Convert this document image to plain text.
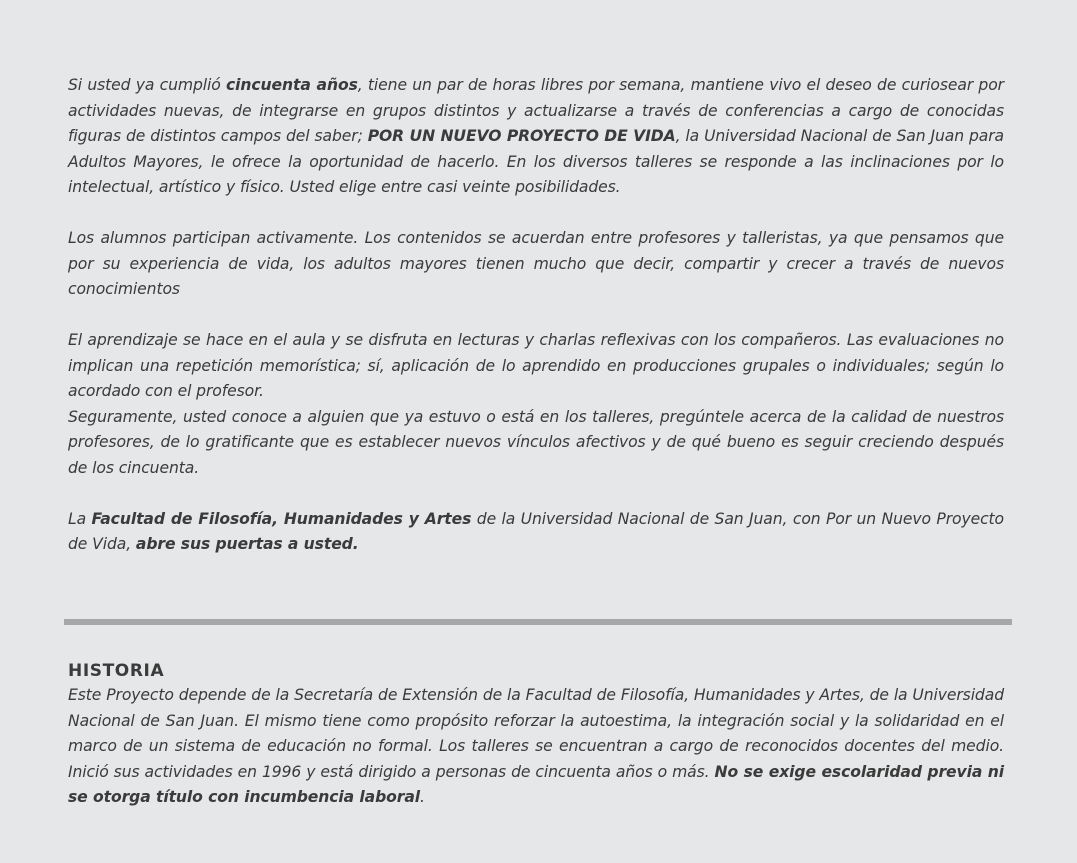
Si usted ya cumplió cincuenta años, tiene un par de horas libres por semana, mantiene vivo el deseo de curiosear por actividades nuevas, de integrarse en grupos distintos y actualizarse a través de conferencias a cargo de conocidas figuras de distintos campos del saber; POR UN NUEVO PROYECTO DE VIDA, la Universidad Nacional de San Juan para Adultos Mayores, le ofrece la oportunidad de hacerlo. En los diversos talleres se responde a las inclinaciones por lo intelectual, artístico y físico. Usted elige entre casi veinte posibilidades.

Los alumnos participan activamente. Los contenidos se acuerdan entre profesores y talleristas, ya que pensamos que por su experiencia de vida, los adultos mayores tienen mucho que decir, compartir y crecer a través de nuevos conocimientos

El aprendizaje se hace en el aula y se disfruta en lecturas y charlas reflexivas con los compañeros. Las evaluaciones no implican una repetición memorística; sí, aplicación de lo aprendido en producciones grupales o individuales; según lo acordado con el profesor.

Seguramente, usted conoce a alguien que ya estuvo o está en los talleres, pregúntele acerca de la calidad de nuestros profesores, de lo gratificante que es establecer nuevos vínculos afectivos y de qué bueno es seguir creciendo después de los cincuenta.

La Facultad de Filosofía, Humanidades y Artes de la Universidad Nacional de San Juan, con Por un Nuevo Proyecto de Vida, abre sus puertas a usted.

HISTORIA

Este Proyecto depende de la Secretaría de Extensión de la Facultad de Filosofía, Humanidades y Artes, de la Universidad Nacional de San Juan. El mismo tiene como propósito reforzar la autoestima, la integración social y la solidaridad en el marco de un sistema de educación no formal. Los talleres se encuentran a cargo de reconocidos docentes del medio. Inició sus actividades en 1996 y está dirigido a personas de cincuenta años o más. No se exige escolaridad previa ni se otorga título con incumbencia laboral.
